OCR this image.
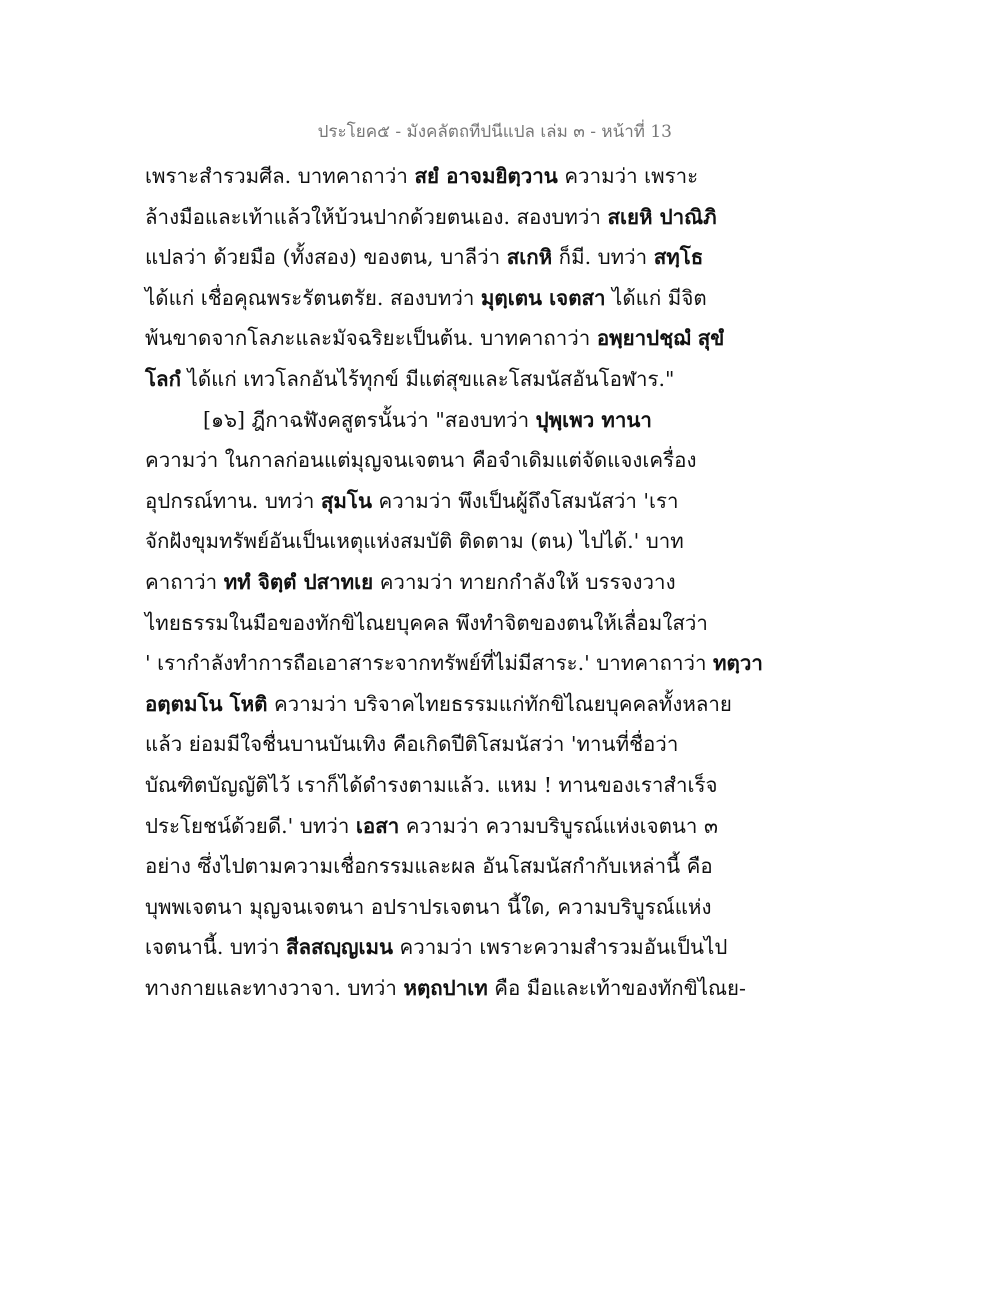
ประโยค๕ - มังคลัตถทีปนีแปล เล่ม ๓ - หน้าที่ 13
เพราะสำรวมศีล. บาทคาถาว่า สยํ อาจมยิตฺวาน ความว่า เพราะ
ล้างมือและเท้าแล้วให้บ้วนปากด้วยตนเอง. สองบทว่า สเยหิ ปาณิภิ
แปลว่า ด้วยมือ (ทั้งสอง) ของตน, บาลีว่า สเกหิ ก็มี. บทว่า สทฺโธ
ได้แก่ เชื่อคุณพระรัตนตรัย. สองบทว่า มุตฺเตน เจตสา ได้แก่ มีจิต
พ้นขาดจากโลภะและมัจฉริยะเป็นต้น. บาทคาถาว่า อพฺยาปชฺฌํ สุขํ
โลกํ ได้แก่ เทวโลกอันไร้ทุกข์ มีแต่สุขและโสมนัสอันโอฬาร."
[๑๖] ฎีกาฉฬังคสูตรนั้นว่า "สองบทว่า ปุพฺเพว ทานา
ความว่า ในกาลก่อนแต่มุญจนเจตนา คือจำเดิมแต่จัดแจงเครื่อง
อุปกรณ์ทาน. บทว่า สุมโน ความว่า พึงเป็นผู้ถึงโสมนัสว่า 'เรา
จักฝังขุมทรัพย์อันเป็นเหตุแห่งสมบัติ ติดตาม (ตน) ไปได้.' บาท
คาถาว่า ททํ จิตฺตํ ปสาทเย ความว่า ทายกกำลังให้ บรรจงวาง
ไทยธรรมในมือของทักขิไณยบุคคล พึงทำจิตของตนให้เลื่อมใสว่า
' เรากำลังทำการถือเอาสาระจากทรัพย์ที่ไม่มีสาระ.' บาทคาถาว่า ทตฺวา
อตฺตมโน โหติ ความว่า บริจาคไทยธรรมแก่ทักขิไณยบุคคลทั้งหลาย
แล้ว ย่อมมีใจชื่นบานบันเทิง คือเกิดปีติโสมนัสว่า 'ทานที่ชื่อว่า
บัณฑิตบัญญัติไว้ เราก็ได้ดำรงตามแล้ว. แหม ! ทานของเราสำเร็จ
ประโยชน์ด้วยดี.' บทว่า เอสา ความว่า ความบริบูรณ์แห่งเจตนา ๓
อย่าง ซึ่งไปตามความเชื่อกรรมและผล อันโสมนัสกำกับเหล่านี้ คือ
บุพพเจตนา มุญจนเจตนา อปราปรเจตนา นี้ใด, ความบริบูรณ์แห่ง
เจตนานี้. บทว่า สีลสญฺญเมน ความว่า เพราะความสำรวมอันเป็นไป
ทางกายและทางวาจา. บทว่า หตฺถปาเท คือ มือและเท้าของทักขิไณย-
